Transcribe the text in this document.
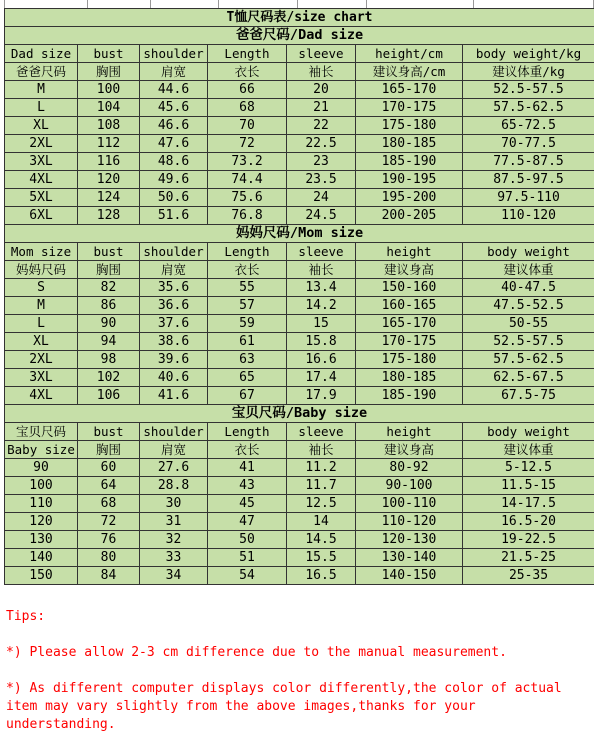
T恤尺码表/size chart						
爸爸尺码/Dad size						
Dad size	bust	shoulder	Length	sleeve	height/cm	body weight/kg
爸爸尺码	胸围	肩宽	衣长	袖长	建议身高/cm	建议体重/kg
M	100	44.6	66	20	165-170	52.5-57.5
L	104	45.6	68	21	170-175	57.5-62.5
XL	108	46.6	70	22	175-180	65-72.5
2XL	112	47.6	72	22.5	180-185	70-77.5
3XL	116	48.6	73.2	23	185-190	77.5-87.5
4XL	120	49.6	74.4	23.5	190-195	87.5-97.5
5XL	124	50.6	75.6	24	195-200	97.5-110
6XL	128	51.6	76.8	24.5	200-205	110-120
妈妈尺码/Mom size						
Mom size	bust	shoulder	Length	sleeve	height	body weight
妈妈尺码	胸围	肩宽	衣长	袖长	建议身高	建议体重
S	82	35.6	55	13.4	150-160	40-47.5
M	86	36.6	57	14.2	160-165	47.5-52.5
L	90	37.6	59	15	165-170	50-55
XL	94	38.6	61	15.8	170-175	52.5-57.5
2XL	98	39.6	63	16.6	175-180	57.5-62.5
3XL	102	40.6	65	17.4	180-185	62.5-67.5
4XL	106	41.6	67	17.9	185-190	67.5-75
宝贝尺码/Baby size						
宝贝尺码	bust	shoulder	Length	sleeve	height	body weight
Baby size	胸围	肩宽	衣长	袖长	建议身高	建议体重
90	60	27.6	41	11.2	80-92	5-12.5
100	64	28.8	43	11.7	90-100	11.5-15
110	68	30	45	12.5	100-110	14-17.5
120	72	31	47	14	110-120	16.5-20
130	76	32	50	14.5	120-130	19-22.5
140	80	33	51	15.5	130-140	21.5-25
150	84	34	54	16.5	140-150	25-35

Tips:

*) Please allow 2-3 cm difference due to the manual measurement.

*) As different computer displays color differently,the color of actual item may vary slightly from the above images,thanks for your understanding.
